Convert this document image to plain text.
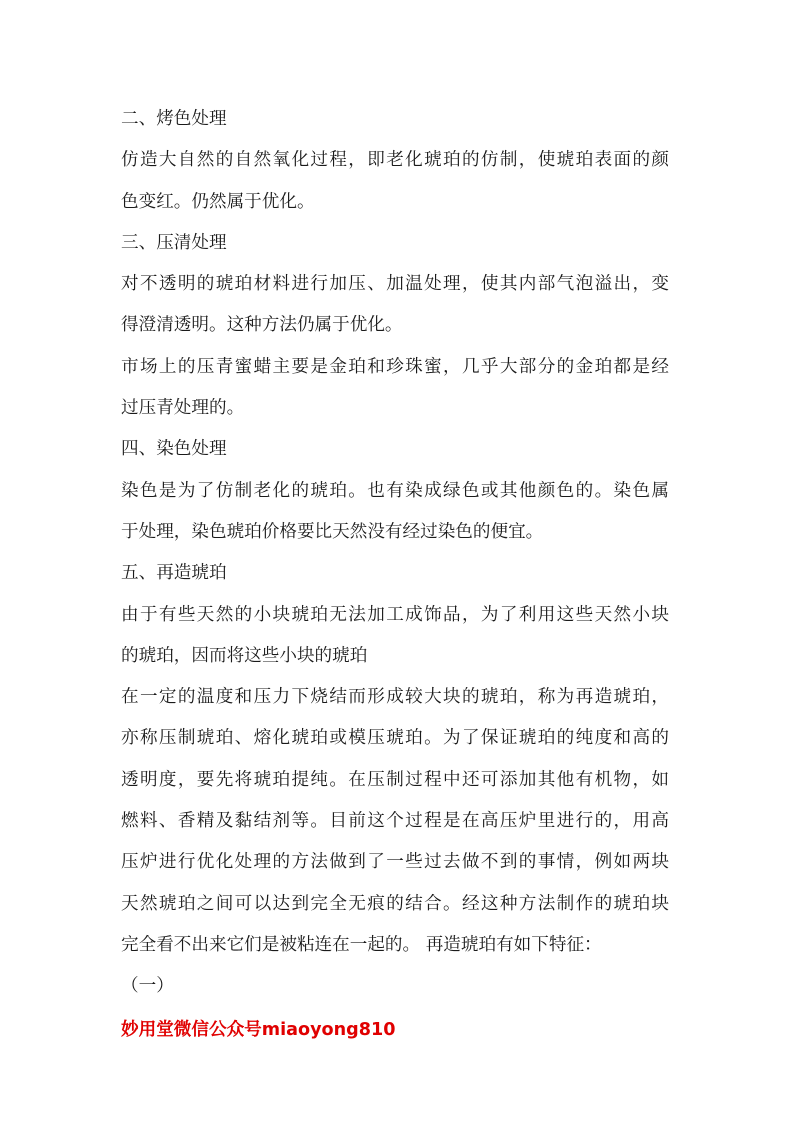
二、烤色处理
仿造大自然的自然氧化过程，即老化琥珀的仿制，使琥珀表面的颜
色变红。仍然属于优化。
三、压清处理
对不透明的琥珀材料进行加压、加温处理，使其内部气泡溢出，变
得澄清透明。这种方法仍属于优化。
市场上的压青蜜蜡主要是金珀和珍珠蜜，几乎大部分的金珀都是经
过压青处理的。
四、染色处理
染色是为了仿制老化的琥珀。也有染成绿色或其他颜色的。染色属
于处理，染色琥珀价格要比天然没有经过染色的便宜。
五、再造琥珀
由于有些天然的小块琥珀无法加工成饰品，为了利用这些天然小块
的琥珀，因而将这些小块的琥珀
在一定的温度和压力下烧结而形成较大块的琥珀，称为再造琥珀，
亦称压制琥珀、熔化琥珀或模压琥珀。为了保证琥珀的纯度和高的
透明度，要先将琥珀提纯。在压制过程中还可添加其他有机物，如
燃料、香精及黏结剂等。目前这个过程是在高压炉里进行的，用高
压炉进行优化处理的方法做到了一些过去做不到的事情，例如两块
天然琥珀之间可以达到完全无痕的结合。经这种方法制作的琥珀块
完全看不出来它们是被粘连在一起的。 再造琥珀有如下特征：
（一）
妙用堂微信公众号miaoyong810
